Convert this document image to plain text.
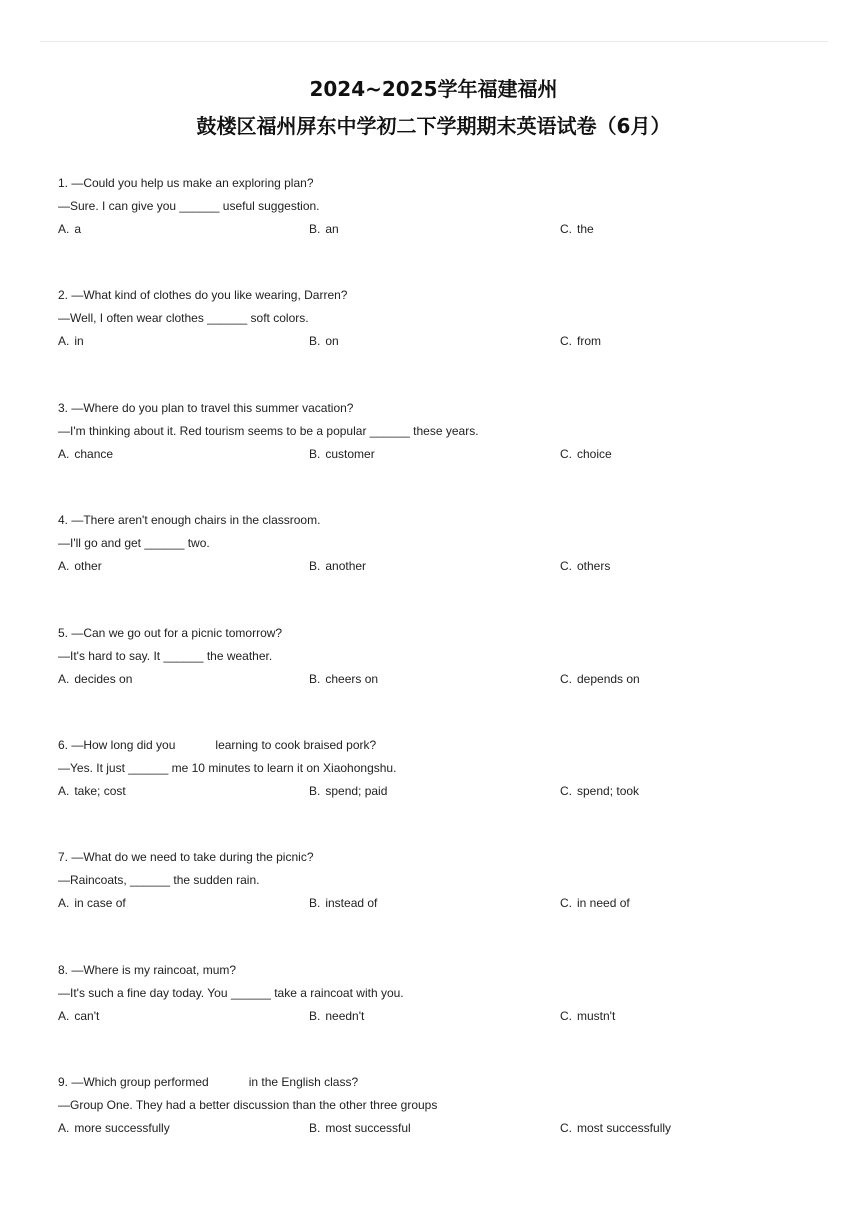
2024~2025学年福建福州
鼓楼区福州屏东中学初二下学期期末英语试卷（6月）
1. —Could you help us make an exploring plan?
—Sure. I can give you ______ useful suggestion.
A. a	B. an	C. the
2. —What kind of clothes do you like wearing, Darren?
—Well, I often wear clothes ______ soft colors.
A. in	B. on	C. from
3. —Where do you plan to travel this summer vacation?
—I'm thinking about it. Red tourism seems to be a popular ______ these years.
A. chance	B. customer	C. choice
4. —There aren't enough chairs in the classroom.
—I'll go and get ______ two.
A. other	B. another	C. others
5. —Can we go out for a picnic tomorrow?
—It's hard to say. It ______ the weather.
A. decides on	B. cheers on	C. depends on
6. —How long did you            learning to cook braised pork?
—Yes. It just ______ me 10 minutes to learn it on Xiaohongshu.
A. take; cost	B. spend; paid	C. spend; took
7. —What do we need to take during the picnic?
—Raincoats, ______ the sudden rain.
A. in case of	B. instead of	C. in need of
8. —Where is my raincoat, mum?
—It's such a fine day today. You ______ take a raincoat with you.
A. can't	B. needn't	C. mustn't
9. —Which group performed            in the English class?
—Group One. They had a better discussion than the other three groups
A. more successfully	B. most successful	C. most successfully
